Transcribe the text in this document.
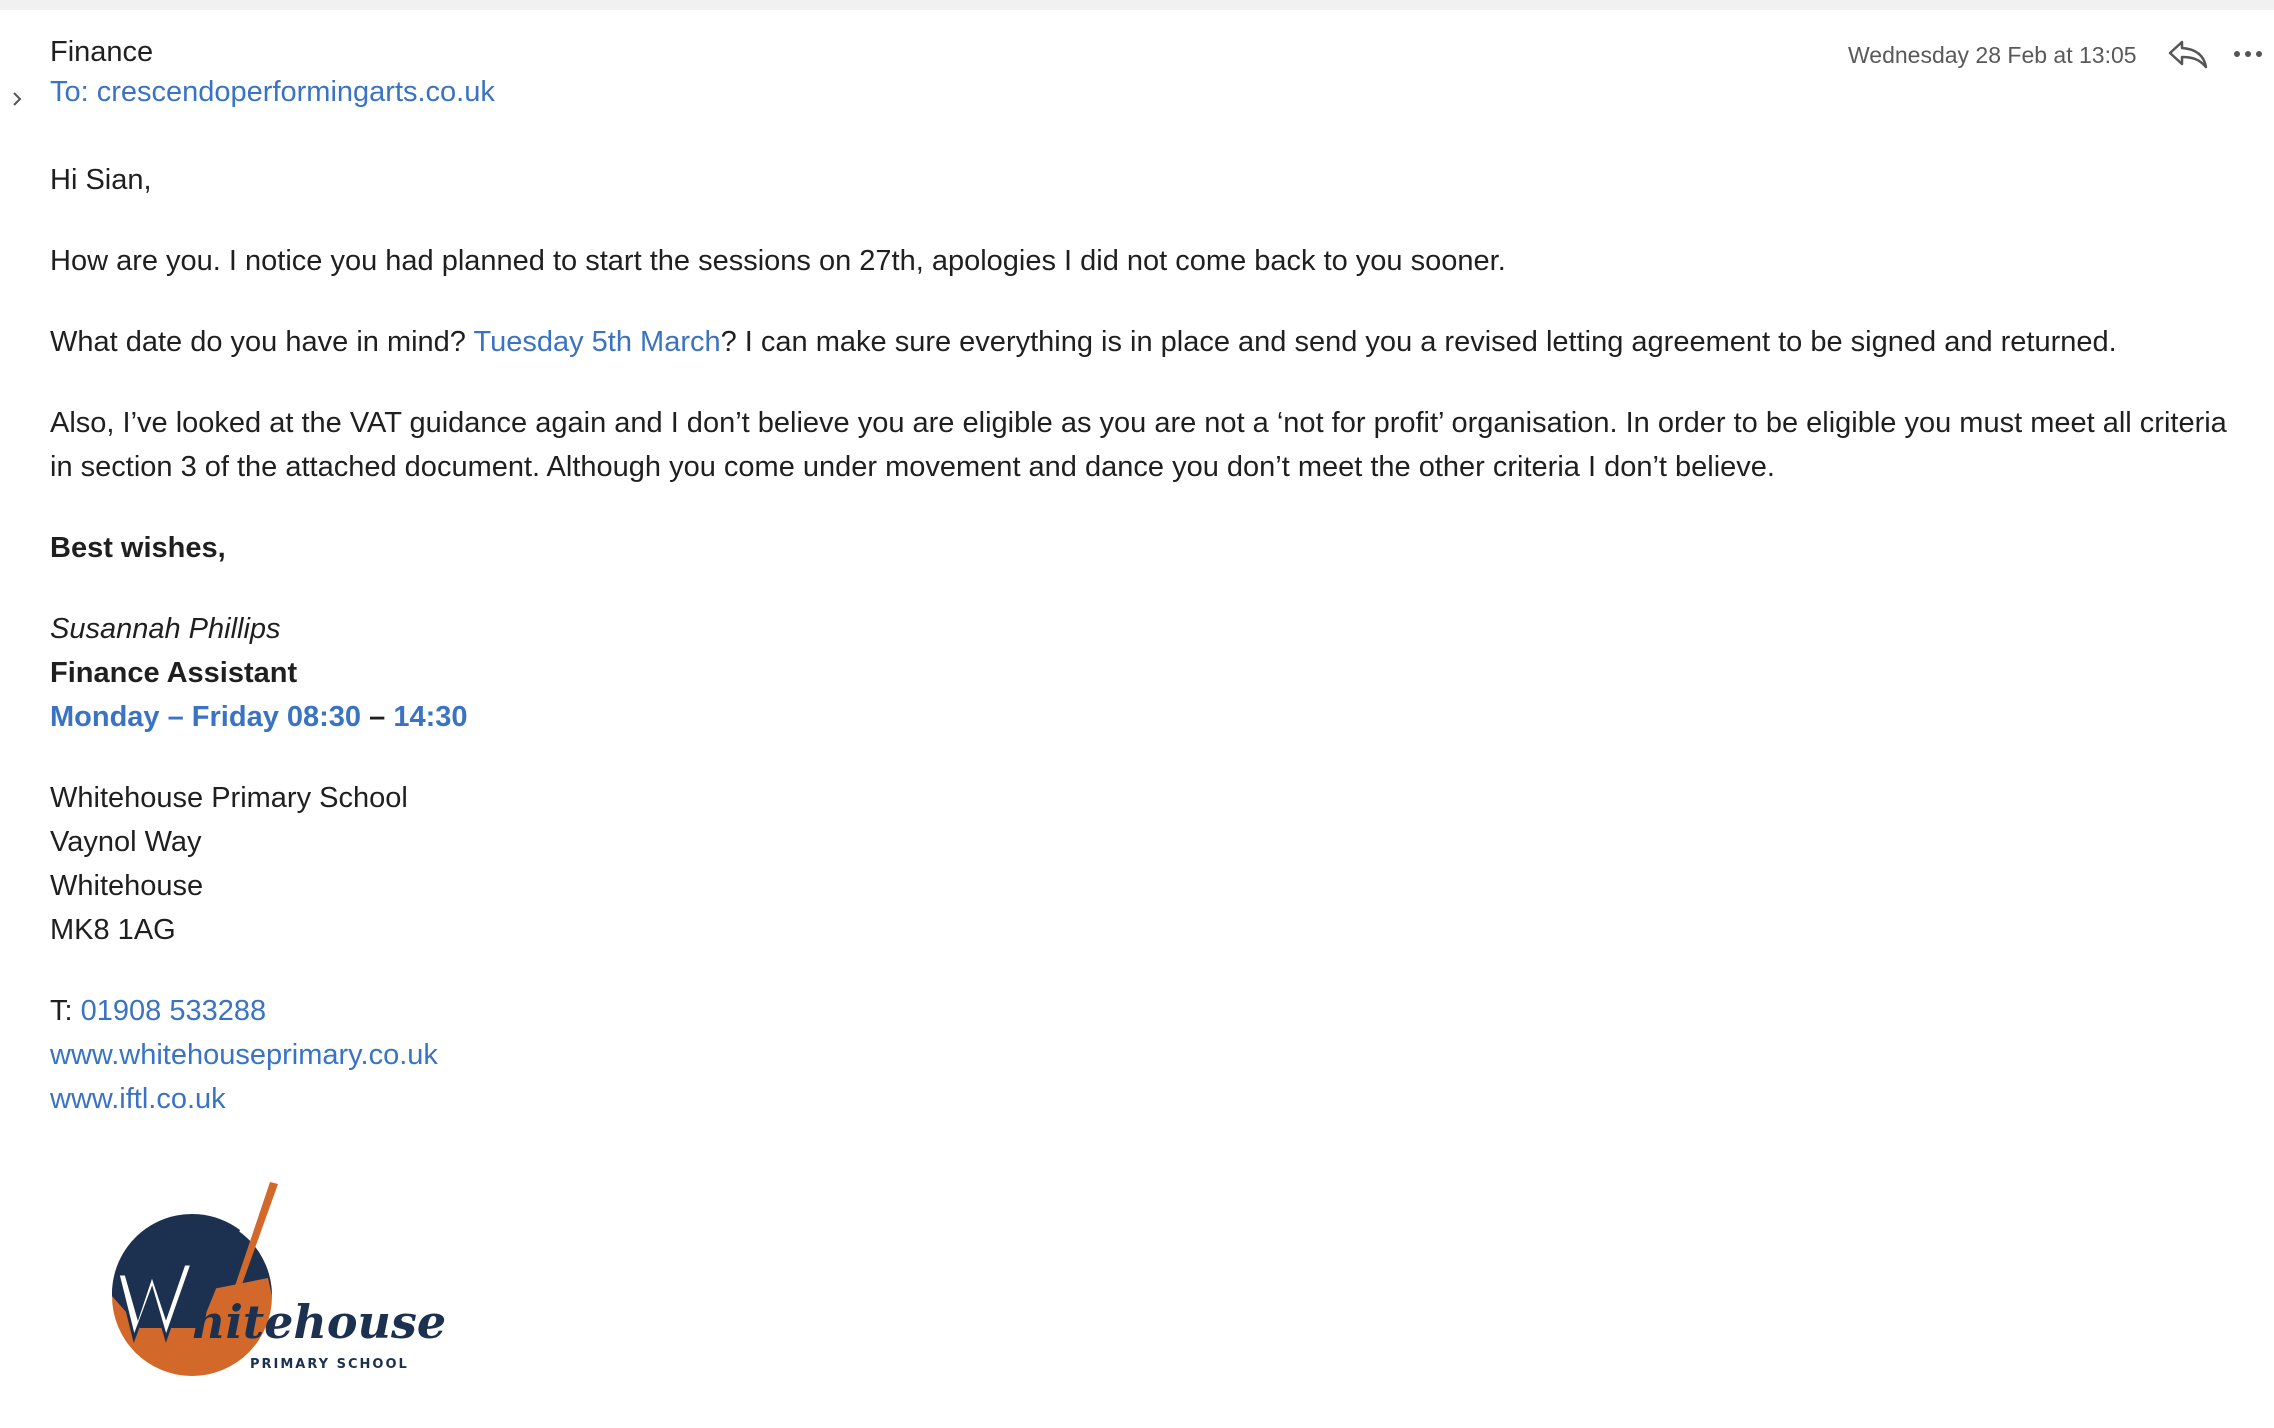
Finance
To: crescendoperformingarts.co.uk
Wednesday 28 Feb at 13:05

Hi Sian,

How are you. I notice you had planned to start the sessions on 27th, apologies I did not come back to you sooner.

What date do you have in mind? Tuesday 5th March? I can make sure everything is in place and send you a revised letting agreement to be signed and returned.

Also, I’ve looked at the VAT guidance again and I don’t believe you are eligible as you are not a ‘not for profit’ organisation. In order to be eligible you must meet all criteria in section 3 of the attached document. Although you come under movement and dance you don’t meet the other criteria I don’t believe.

Best wishes,

Susannah Phillips
Finance Assistant
Monday – Friday 08:30 – 14:30
Whitehouse Primary School
Vaynol Way
Whitehouse
MK8 1AG
T: 01908 533288
www.whitehouseprimary.co.uk
www.iftl.co.uk
hitehouse
PRIMARY SCHOOL
